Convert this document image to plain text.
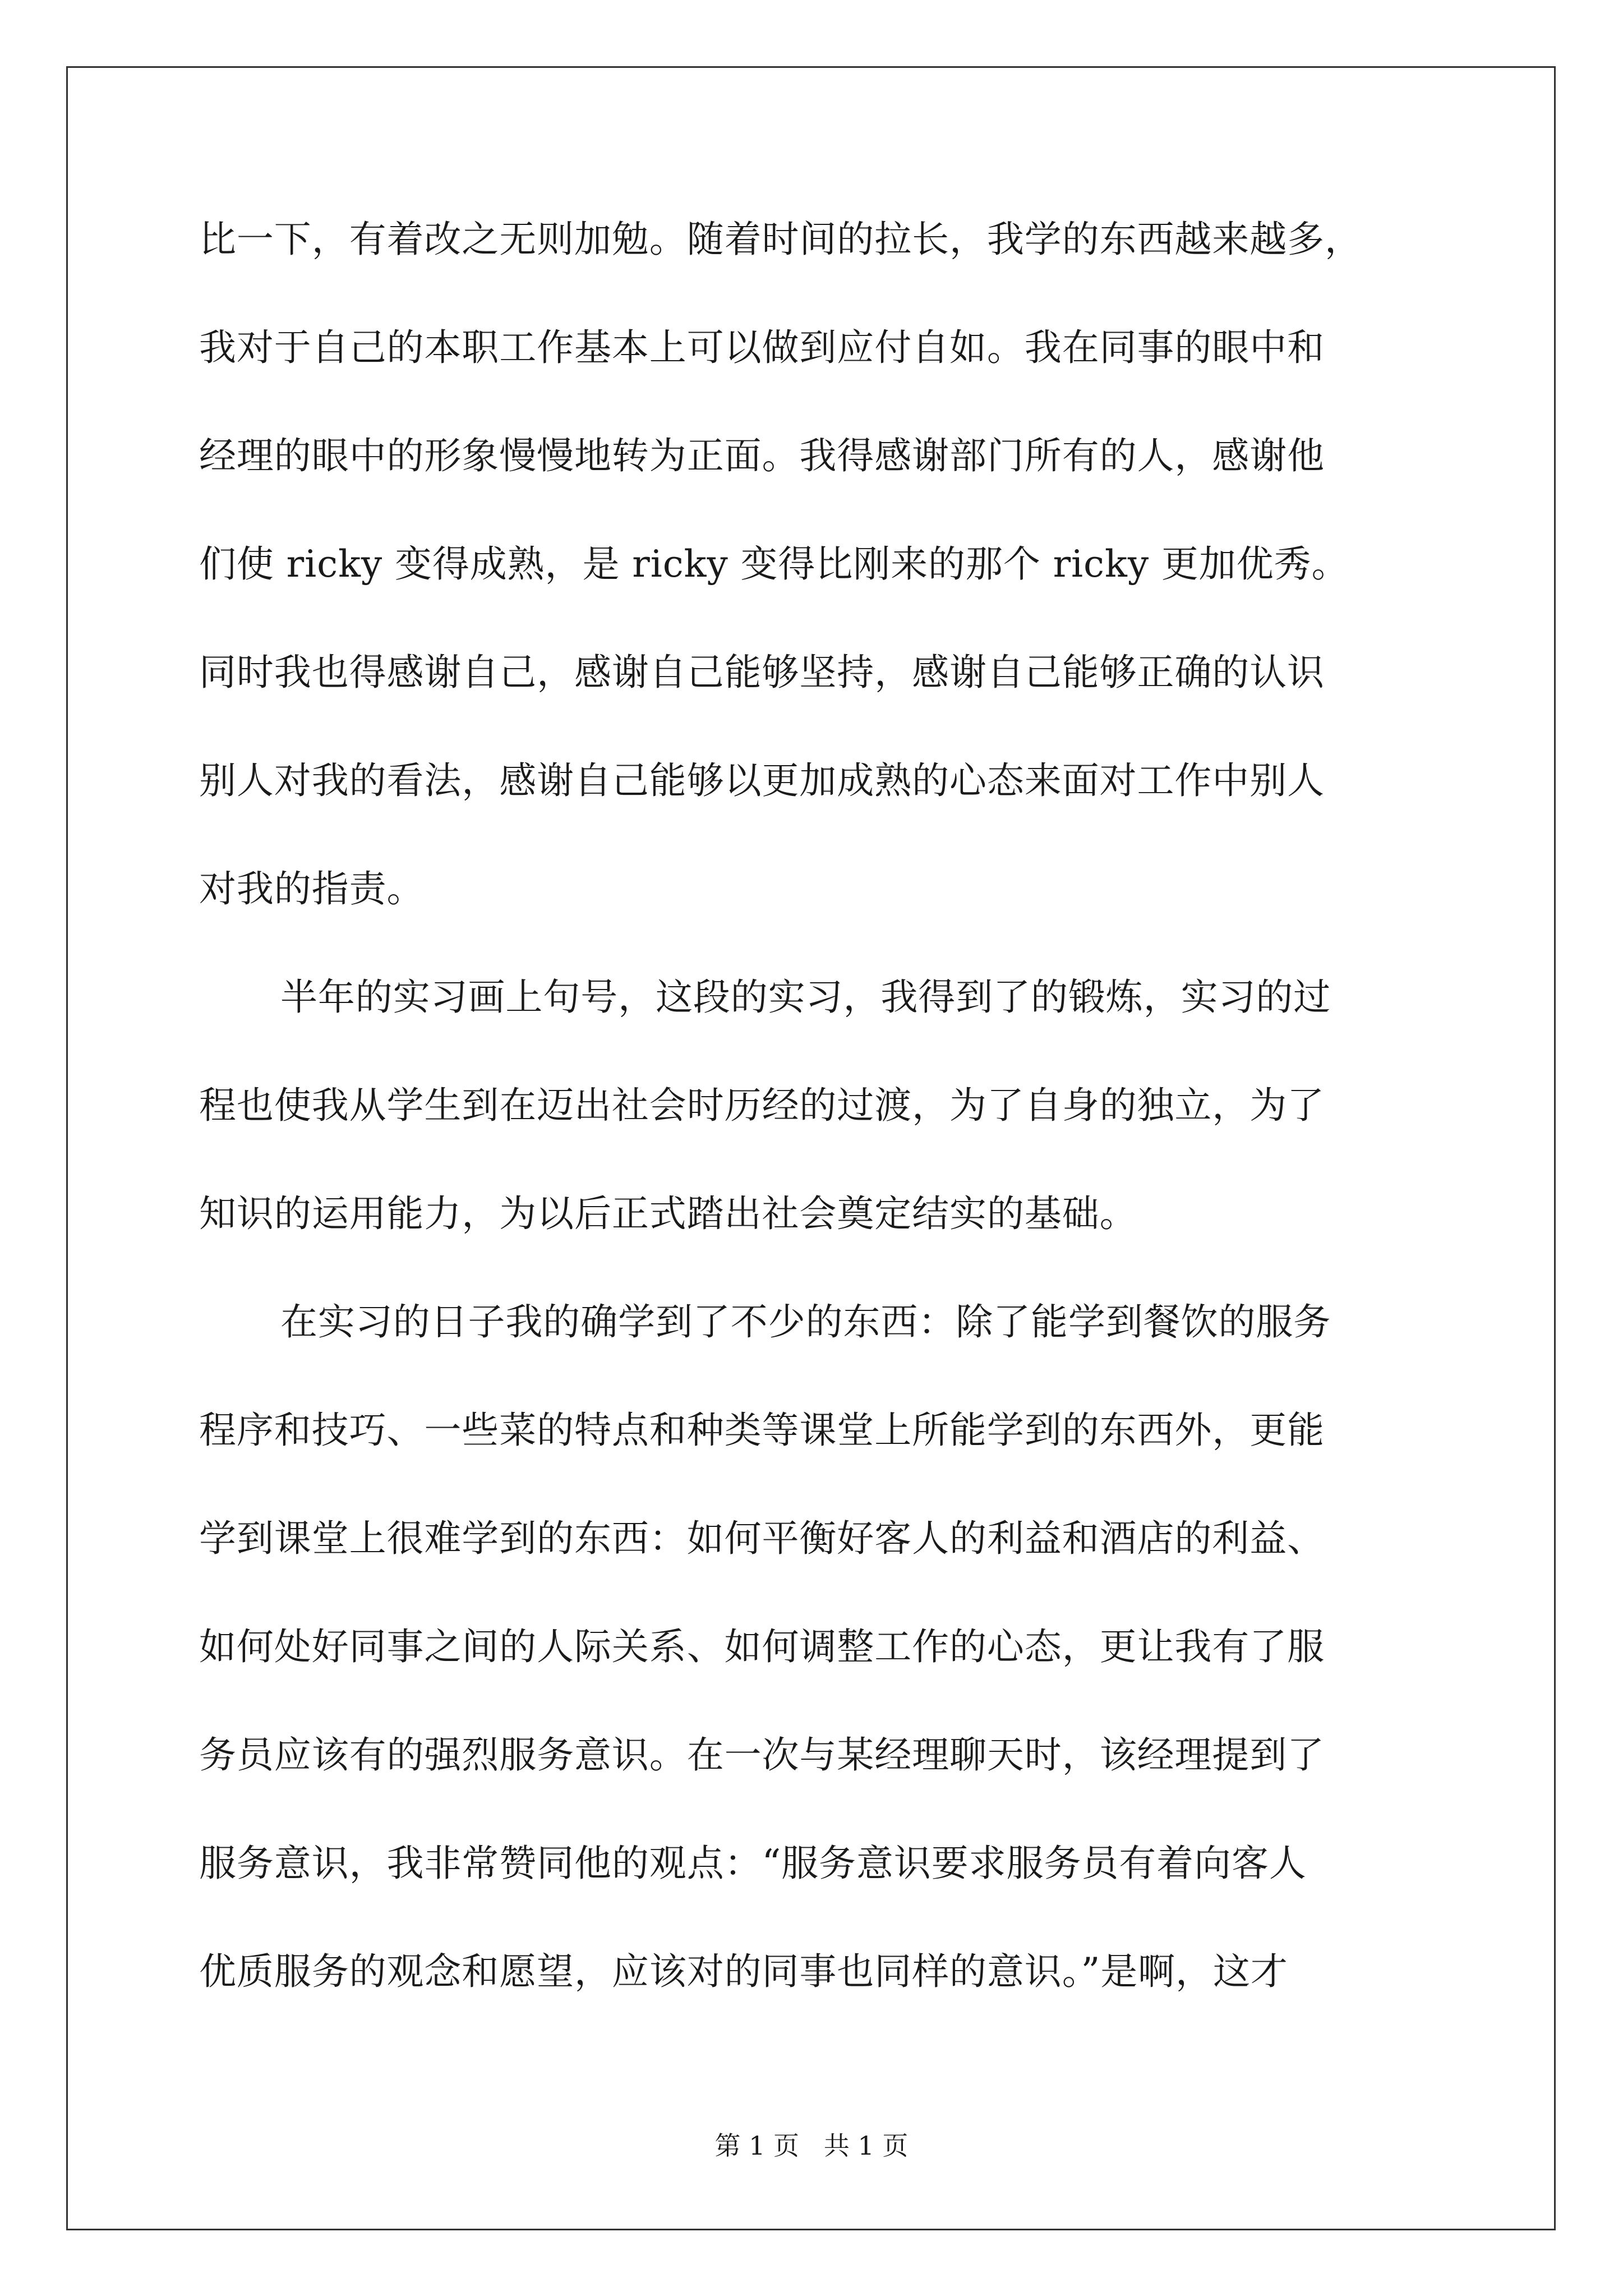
比一下，有着改之无则加勉。随着时间的拉长，我学的东西越来越多，
我对于自己的本职工作基本上可以做到应付自如。我在同事的眼中和
经理的眼中的形象慢慢地转为正面。我得感谢部门所有的人，感谢他
们使 ricky 变得成熟，是 ricky 变得比刚来的那个 ricky 更加优秀。
同时我也得感谢自己，感谢自己能够坚持，感谢自己能够正确的认识
别人对我的看法，感谢自己能够以更加成熟的心态来面对工作中别人
对我的指责。
半年的实习画上句号，这段的实习，我得到了的锻炼，实习的过
程也使我从学生到在迈出社会时历经的过渡，为了自身的独立，为了
知识的运用能力，为以后正式踏出社会奠定结实的基础。
在实习的日子我的确学到了不少的东西：除了能学到餐饮的服务
程序和技巧、一些菜的特点和种类等课堂上所能学到的东西外，更能
学到课堂上很难学到的东西：如何平衡好客人的利益和酒店的利益、
如何处好同事之间的人际关系、如何调整工作的心态，更让我有了服
务员应该有的强烈服务意识。在一次与某经理聊天时，该经理提到了
服务意识，我非常赞同他的观点：“服务意识要求服务员有着向客人
优质服务的观念和愿望，应该对的同事也同样的意识。”是啊，这才
第 1 页   共 1 页
